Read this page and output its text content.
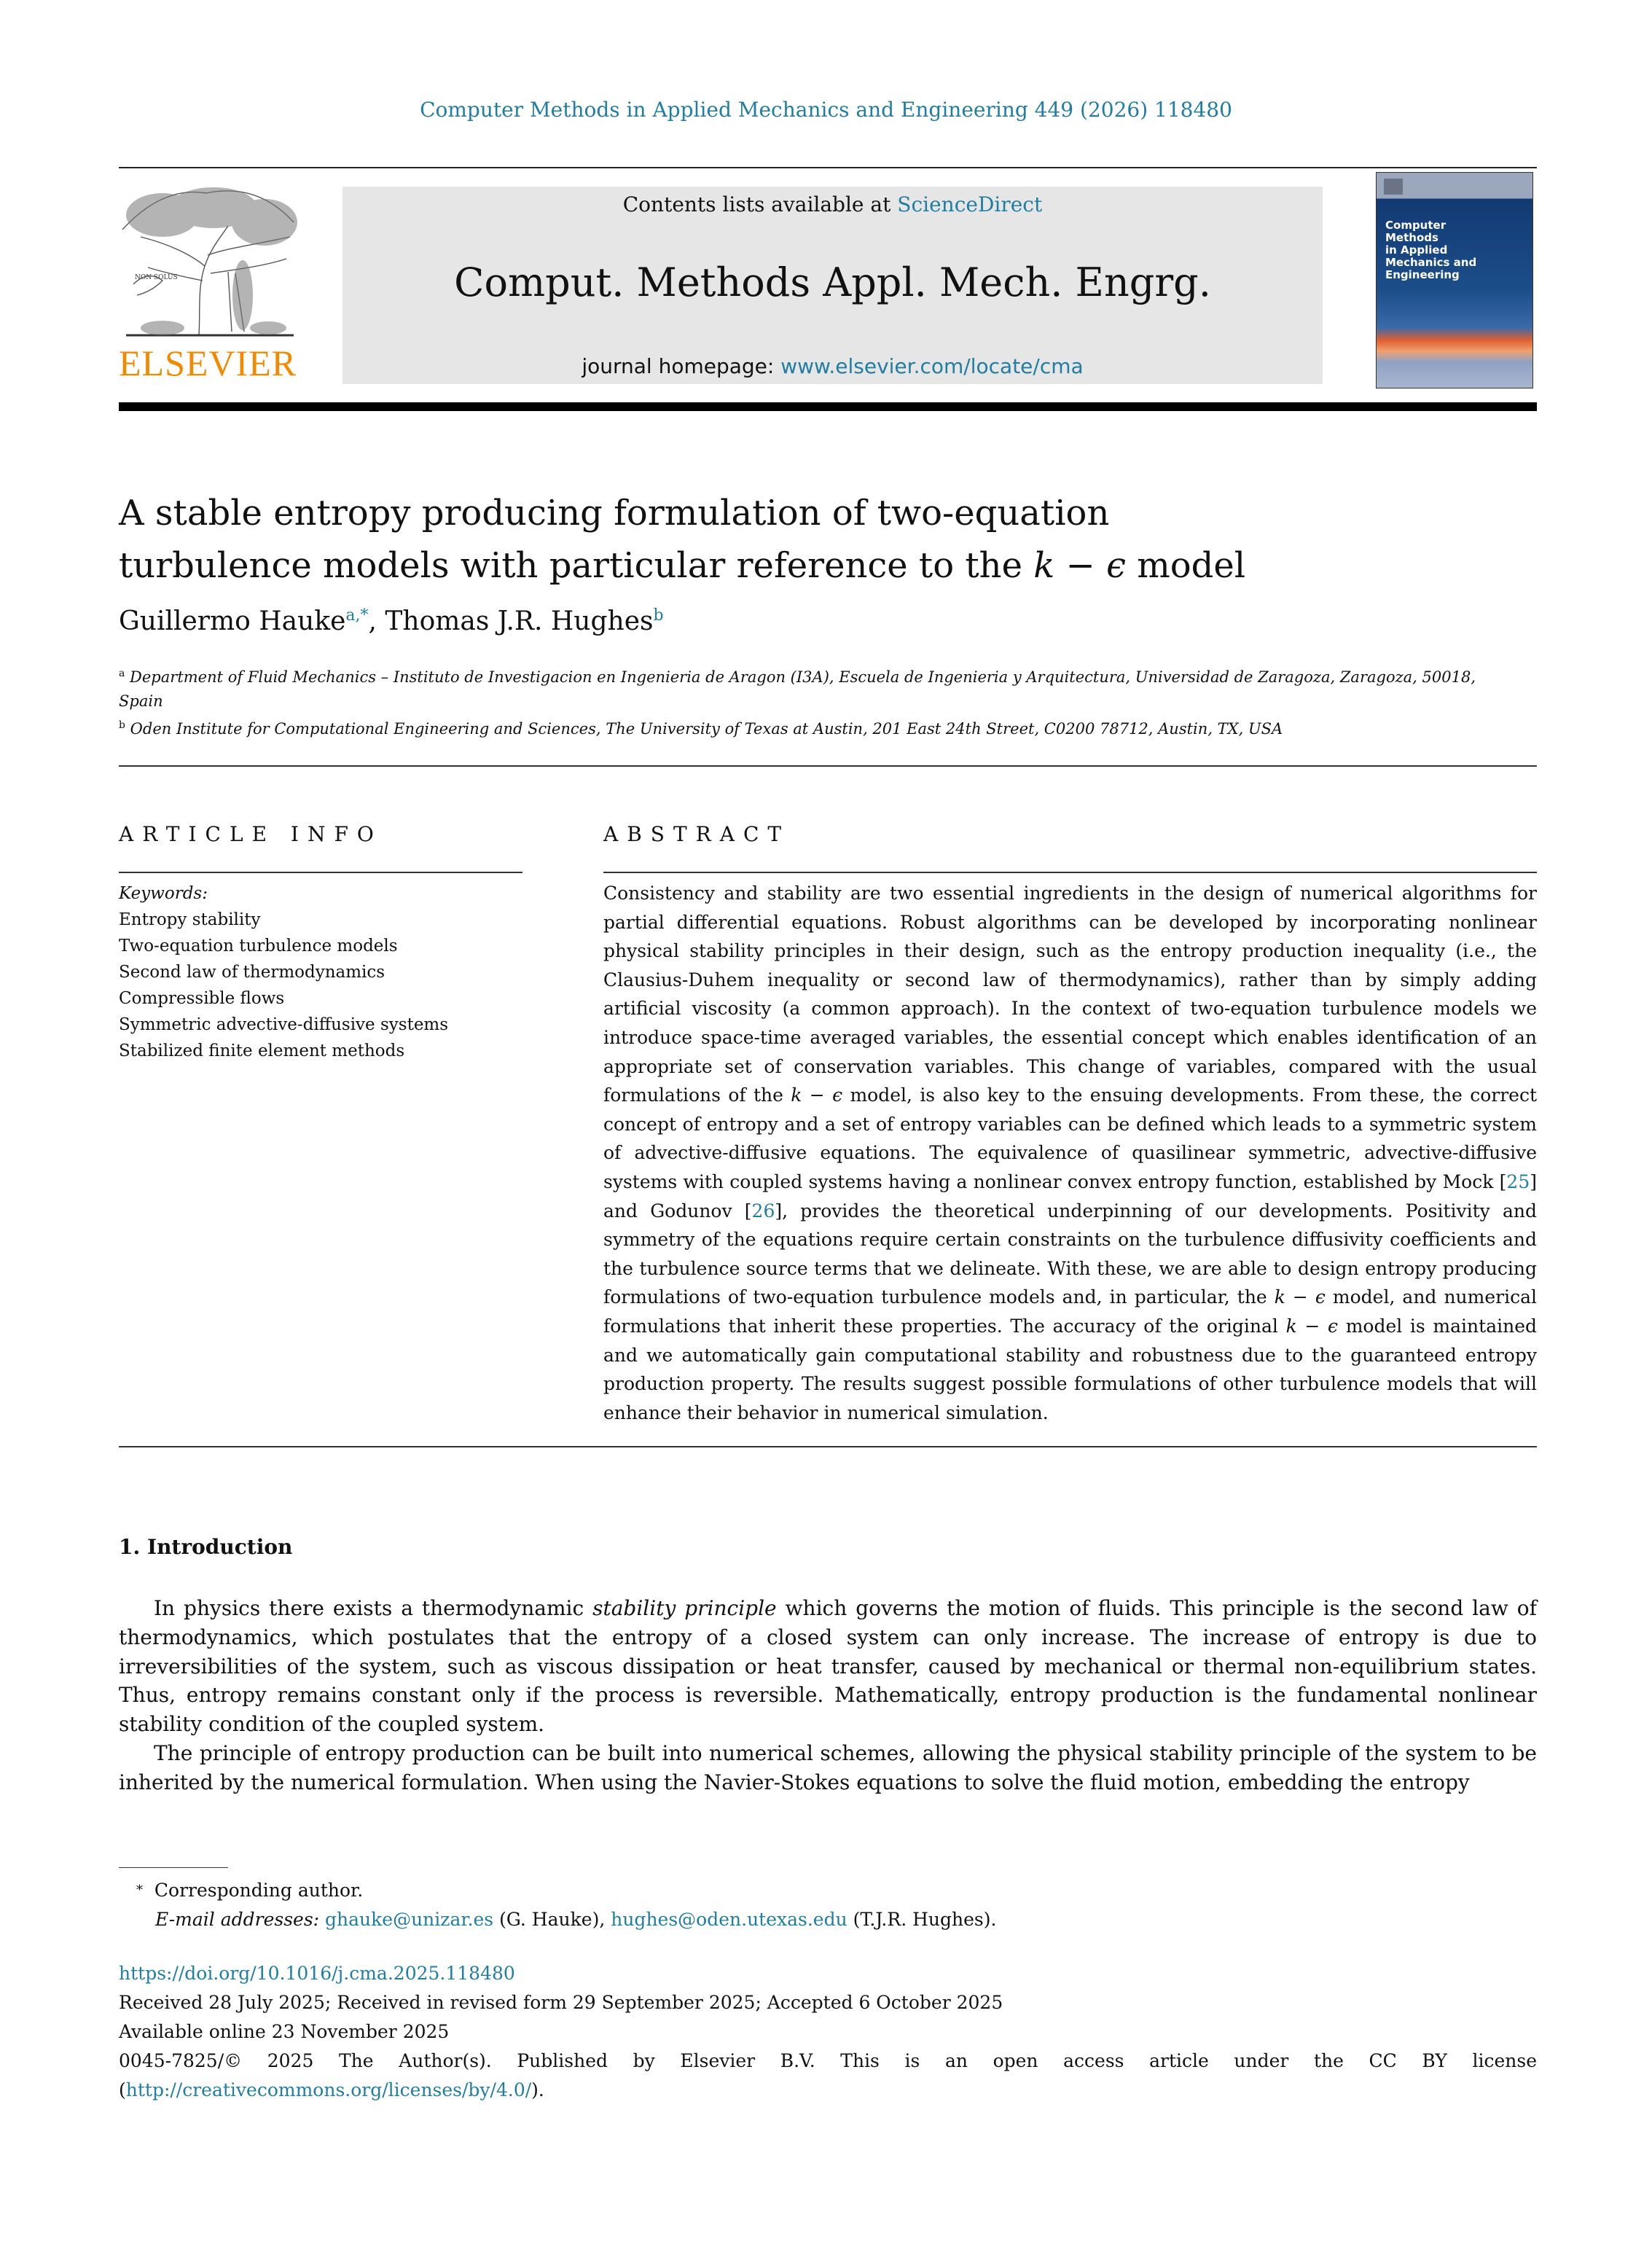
Computer Methods in Applied Mechanics and Engineering 449 (2026) 118480
NON SOLUS
ELSEVIER
Contents lists available at ScienceDirect
Comput. Methods Appl. Mech. Engrg.
journal homepage: www.elsevier.com/locate/cma
Computer
Methods
in Applied
Mechanics and
Engineering
A stable entropy producing formulation of two-equation
turbulence models with particular reference to the k − ϵ model
Guillermo Hauke$^{a,*}$, Thomas J.R. Hughes$^b$
$^a$ Department of Fluid Mechanics – Instituto de Investigacion en Ingenieria de Aragon (I3A), Escuela de Ingenieria y Arquitectura, Universidad de Zaragoza, Zaragoza, 50018, Spain
$^b$ Oden Institute for Computational Engineering and Sciences, The University of Texas at Austin, 201 East 24th Street, C0200 78712, Austin, TX, USA
ARTICLE INFO
Keywords:
Entropy stability
Two-equation turbulence models
Second law of thermodynamics
Compressible flows
Symmetric advective-diffusive systems
Stabilized finite element methods
ABSTRACT
Consistency and stability are two essential ingredients in the design of numerical algorithms for partial differential equations. Robust algorithms can be developed by incorporating nonlinear physical stability principles in their design, such as the entropy production inequality (i.e., the Clausius-Duhem inequality or second law of thermodynamics), rather than by simply adding artificial viscosity (a common approach). In the context of two-equation turbulence models we introduce space-time averaged variables, the essential concept which enables identification of an appropriate set of conservation variables. This change of variables, compared with the usual formulations of the k − ϵ model, is also key to the ensuing developments. From these, the correct concept of entropy and a set of entropy variables can be defined which leads to a symmetric system of advective-diffusive equations. The equivalence of quasilinear symmetric, advective-diffusive systems with coupled systems having a nonlinear convex entropy function, established by Mock [25] and Godunov [26], provides the theoretical underpinning of our developments. Positivity and symmetry of the equations require certain constraints on the turbulence diffusivity coefficients and the turbulence source terms that we delineate. With these, we are able to design entropy producing formulations of two-equation turbulence models and, in particular, the k − ϵ model, and numerical formulations that inherit these properties. The accuracy of the original k − ϵ model is maintained and we automatically gain computational stability and robustness due to the guaranteed entropy production property. The results suggest possible formulations of other turbulence models that will enhance their behavior in numerical simulation.
1. Introduction

In physics there exists a thermodynamic stability principle which governs the motion of fluids. This principle is the second law of thermodynamics, which postulates that the entropy of a closed system can only increase. The increase of entropy is due to irreversibilities of the system, such as viscous dissipation or heat transfer, caused by mechanical or thermal non-equilibrium states. Thus, entropy remains constant only if the process is reversible. Mathematically, entropy production is the fundamental nonlinear stability condition of the coupled system.

The principle of entropy production can be built into numerical schemes, allowing the physical stability principle of the system to be inherited by the numerical formulation. When using the Navier-Stokes equations to solve the fluid motion, embedding the entropy

* Corresponding author.
E-mail addresses: ghauke@unizar.es (G. Hauke), hughes@oden.utexas.edu (T.J.R. Hughes).
https://doi.org/10.1016/j.cma.2025.118480
Received 28 July 2025; Received in revised form 29 September 2025; Accepted 6 October 2025
Available online 23 November 2025
0045-7825/© 2025 The Author(s). Published by Elsevier B.V. This is an open access article under the CC BY license
(http://creativecommons.org/licenses/by/4.0/).
